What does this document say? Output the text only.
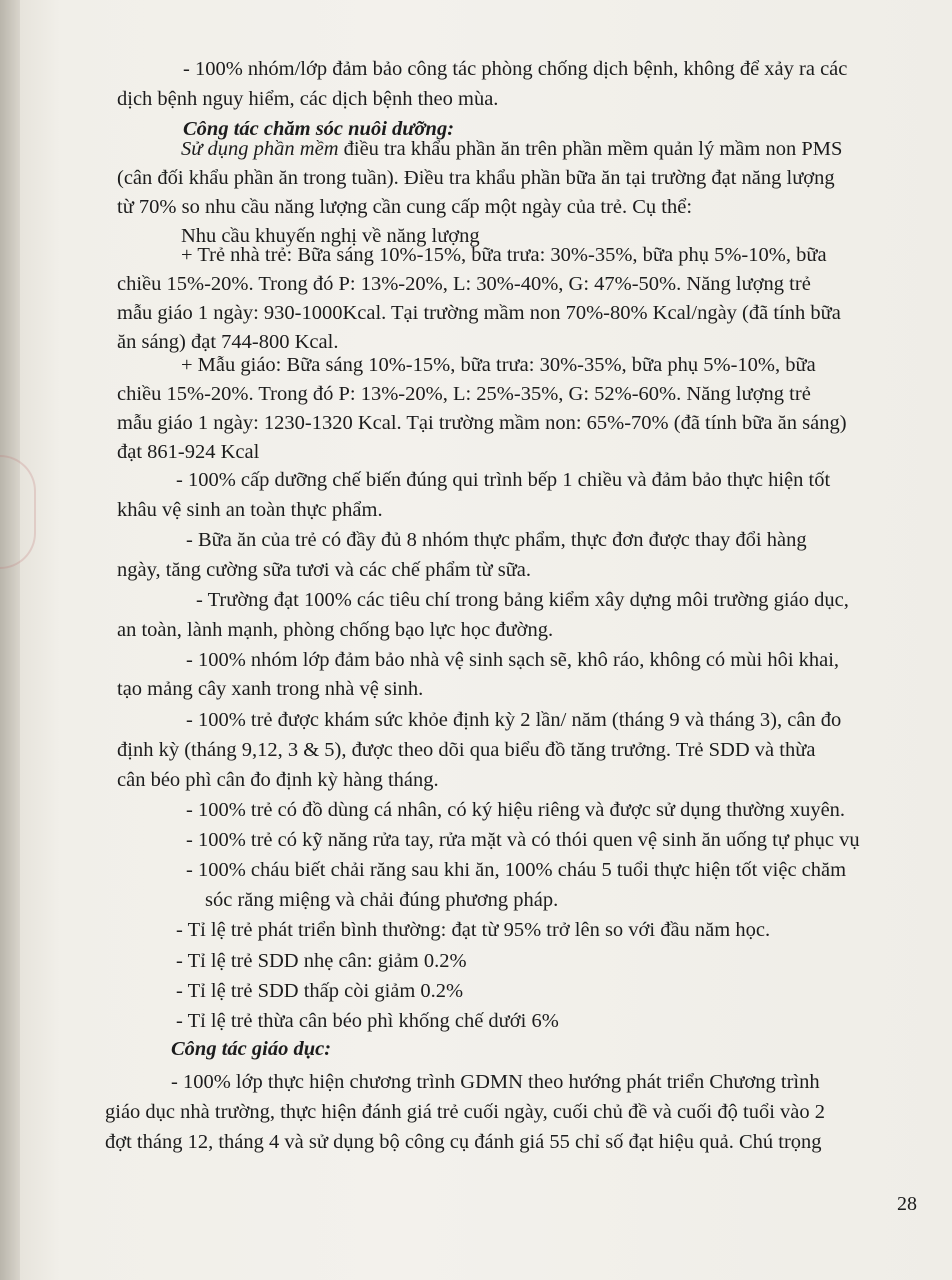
- 100% nhóm/lớp đảm bảo công tác phòng chống dịch bệnh, không để xảy ra các
dịch bệnh nguy hiểm, các dịch bệnh theo mùa.
Công tác chăm sóc nuôi dưỡng:
Sử dụng phần mềm điều tra khẩu phần ăn trên phần mềm quản lý mầm non PMS
(cân đối khẩu phần ăn trong tuần). Điều tra khẩu phần bữa ăn tại trường đạt năng lượng
từ 70% so nhu cầu năng lượng cần cung cấp một ngày của trẻ. Cụ thể:
Nhu cầu khuyến nghị về năng lượng
+ Trẻ nhà trẻ: Bữa sáng 10%-15%, bữa trưa: 30%-35%, bữa phụ 5%-10%, bữa
chiều 15%-20%. Trong đó P: 13%-20%, L: 30%-40%, G: 47%-50%. Năng lượng trẻ
mẫu giáo 1 ngày: 930-1000Kcal. Tại trường mầm non 70%-80% Kcal/ngày (đã tính bữa
ăn sáng) đạt 744-800 Kcal.
+ Mẫu giáo: Bữa sáng 10%-15%, bữa trưa: 30%-35%, bữa phụ 5%-10%, bữa
chiều 15%-20%. Trong đó P: 13%-20%, L: 25%-35%, G: 52%-60%. Năng lượng trẻ
mẫu giáo 1 ngày: 1230-1320 Kcal. Tại trường mầm non: 65%-70% (đã tính bữa ăn sáng)
đạt 861-924 Kcal
- 100% cấp dưỡng chế biến đúng qui trình bếp 1 chiều và đảm bảo thực hiện tốt
khâu vệ sinh an toàn thực phẩm.
- Bữa ăn của trẻ có đầy đủ 8 nhóm thực phẩm, thực đơn được thay đổi hàng
ngày, tăng cường sữa tươi và các chế phẩm từ sữa.
- Trường đạt 100% các tiêu chí trong bảng kiểm xây dựng môi trường giáo dục,
an toàn, lành mạnh, phòng chống bạo lực học đường.
- 100% nhóm lớp đảm bảo nhà vệ sinh sạch sẽ, khô ráo, không có mùi hôi khai,
tạo mảng cây xanh trong nhà vệ sinh.
- 100% trẻ được khám sức khỏe định kỳ 2 lần/ năm (tháng 9 và tháng 3), cân đo
định kỳ (tháng 9,12, 3 & 5), được theo dõi qua biểu đồ tăng trưởng. Trẻ SDD và thừa
cân béo phì cân đo định kỳ hàng tháng.
- 100% trẻ có đồ dùng cá nhân, có ký hiệu riêng và được sử dụng thường xuyên.
- 100% trẻ có kỹ năng rửa tay, rửa mặt và có thói quen vệ sinh ăn uống tự phục vụ
- 100% cháu biết chải răng sau khi ăn, 100% cháu 5 tuổi thực hiện tốt việc chăm
sóc răng miệng và chải đúng phương pháp.
- Tỉ lệ trẻ phát triển bình thường: đạt từ 95% trở lên so với đầu năm học.
- Tỉ lệ trẻ SDD nhẹ cân: giảm 0.2%
- Tỉ lệ trẻ SDD thấp còi giảm 0.2%
- Tỉ lệ trẻ thừa cân béo phì khống chế dưới 6%
Công tác giáo dục:
- 100% lớp thực hiện chương trình GDMN theo hướng phát triển Chương trình
giáo dục nhà trường, thực hiện đánh giá trẻ cuối ngày, cuối chủ đề và cuối độ tuổi vào 2
đợt tháng 12, tháng 4 và sử dụng bộ công cụ đánh giá 55 chỉ số đạt hiệu quả. Chú trọng
28
